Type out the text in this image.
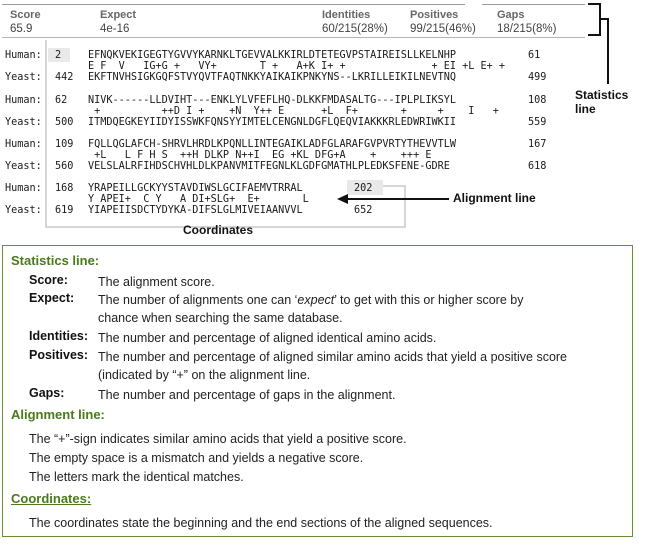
Score	Expect	Identities	Positives	Gaps
65.9	4e-16	60/215(28%) 99/215(46%) 18/215(8%)
Statistics line
Human: 2	EFNQKVEKIGEGTYGVVYKARNKLTGEVVALKKIRLDTETEGVPSTAIREISLLKELNHP	61
E F  V   IG+G +   VY+       T +   A+K I+ +              + EI +L E+ +
Yeast: 442 EKFTNVHSIGKGQFSTVYQVTFAQTNKKYAIKAIKPNKYNS--LKRILLEIKILNEVTNQ	499
Human: 62 NIVK------LLDVIHT---ENKLYLVFEFLHQ-DLKKFMDASALTG---IPLPLIKSYL	108
+          ++D I +    +N  Y++ E      +L  F+       +     +    I   +
Yeast: 500 ITMDQEGKEYIIDYISSWKFQNSYYIMTELCENGNLDGFLQEQVIAKKKRLEDWRIWKII	559
Human: 109 FQLLQGLAFCH-SHRVLHRDLKPQNLLINTEGAIKLADFGLARAFGVPVRTYTHEVVTLW	167
+L   L F H S  ++H DLKP N++I  EG +KL DFG+A    +    +++ E
Yeast: 560 VELSLALRFIHDSCHVHLDLKPANVMITFEGNLKLGDFGMATHLPLEDKSFENE-GDRE	618
Human: 168 YRAPEILLGCKYYSTAVDIWSLGCIFAEMVTRRAL	202
Y APEI+  C Y   A DI+SLG+  E+       L
Yeast: 619 YIAPEIISDCTYDYKA-DIFSLGLMIVEIAANVVL	652
Alignment line
Coordinates
Statistics line:
Score: The alignment score.
Expect: The number of alignments one can ‘expect’ to get with this or higher score by
chance when searching the same database.
Identities: The number and percentage of aligned identical amino acids.
Positives: The number and percentage of aligned similar amino acids that yield a positive score
(indicated by “+” on the alignment line.
Gaps:	The number and percentage of gaps in the alignment.
Alignment line:
The “+”-sign indicates similar amino acids that yield a positive score.
The empty space is a mismatch and yields a negative score.
The letters mark the identical matches.
Coordinates:
The coordinates state the beginning and the end sections of the aligned sequences.
